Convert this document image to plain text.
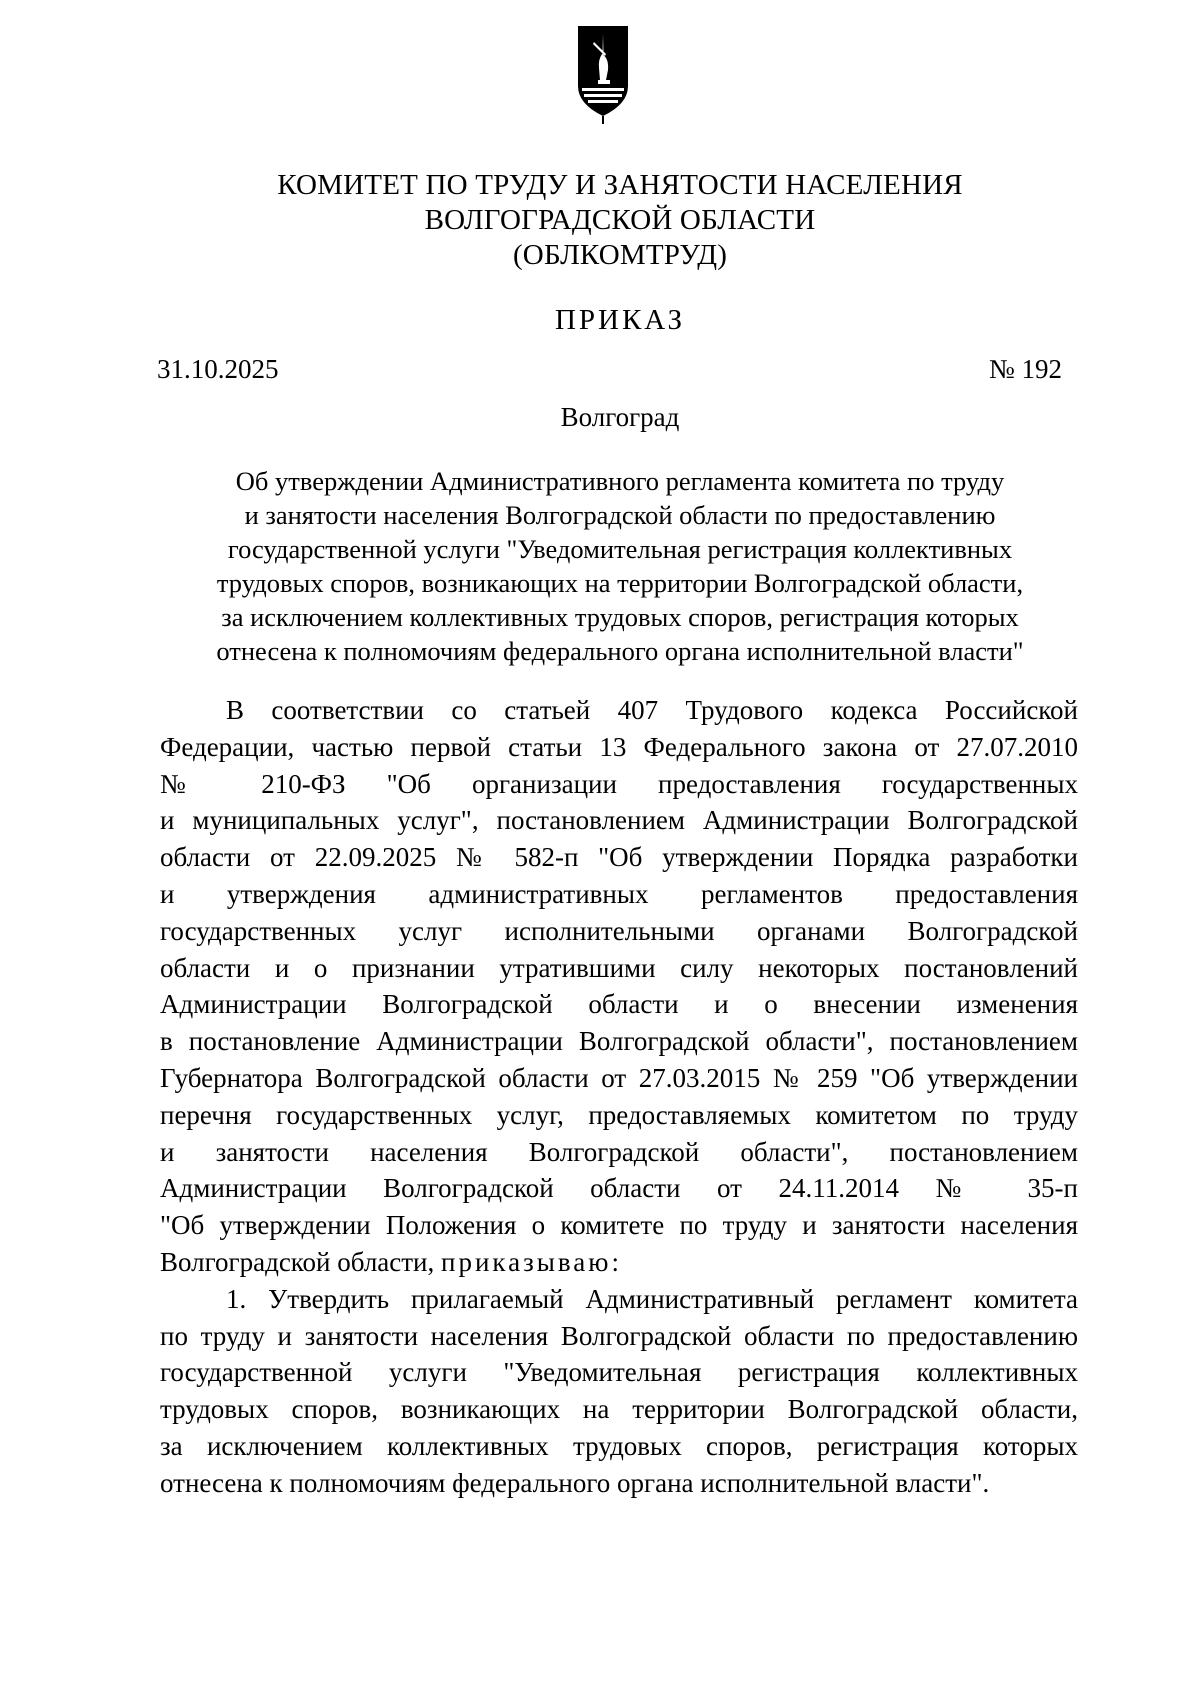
КОМИТЕТ ПО ТРУДУ И ЗАНЯТОСТИ НАСЕЛЕНИЯ
ВОЛГОГРАДСКОЙ ОБЛАСТИ
(ОБЛКОМТРУД)
ПРИКАЗ
31.10.2025	№ 192
Волгоград
Об утверждении Административного регламента комитета по труду
и занятости населения Волгоградской области по предоставлению
государственной услуги "Уведомительная регистрация коллективных
трудовых споров, возникающих на территории Волгоградской области,
за исключением коллективных трудовых споров, регистрация которых
отнесена к полномочиям федерального органа исполнительной власти"
В соответствии со статьей 407 Трудового кодекса Российской
Федерации, частью первой статьи 13 Федерального закона от 27.07.2010
№ 210-ФЗ "Об организации предоставления государственных
и муниципальных услуг", постановлением Администрации Волгоградской
области от 22.09.2025 № 582-п "Об утверждении Порядка разработки
и утверждения административных регламентов предоставления
государственных услуг исполнительными органами Волгоградской
области и о признании утратившими силу некоторых постановлений
Администрации Волгоградской области и о внесении изменения
в постановление Администрации Волгоградской области", постановлением
Губернатора Волгоградской области от 27.03.2015 № 259 "Об утверждении
перечня государственных услуг, предоставляемых комитетом по труду
и занятости населения Волгоградской области", постановлением
Администрации Волгоградской области от 24.11.2014 № 35-п
"Об утверждении Положения о комитете по труду и занятости населения
Волгоградской области, приказываю:
1. Утвердить прилагаемый Административный регламент комитета
по труду и занятости населения Волгоградской области по предоставлению
государственной услуги "Уведомительная регистрация коллективных
трудовых споров, возникающих на территории Волгоградской области,
за исключением коллективных трудовых споров, регистрация которых
отнесена к полномочиям федерального органа исполнительной власти".
